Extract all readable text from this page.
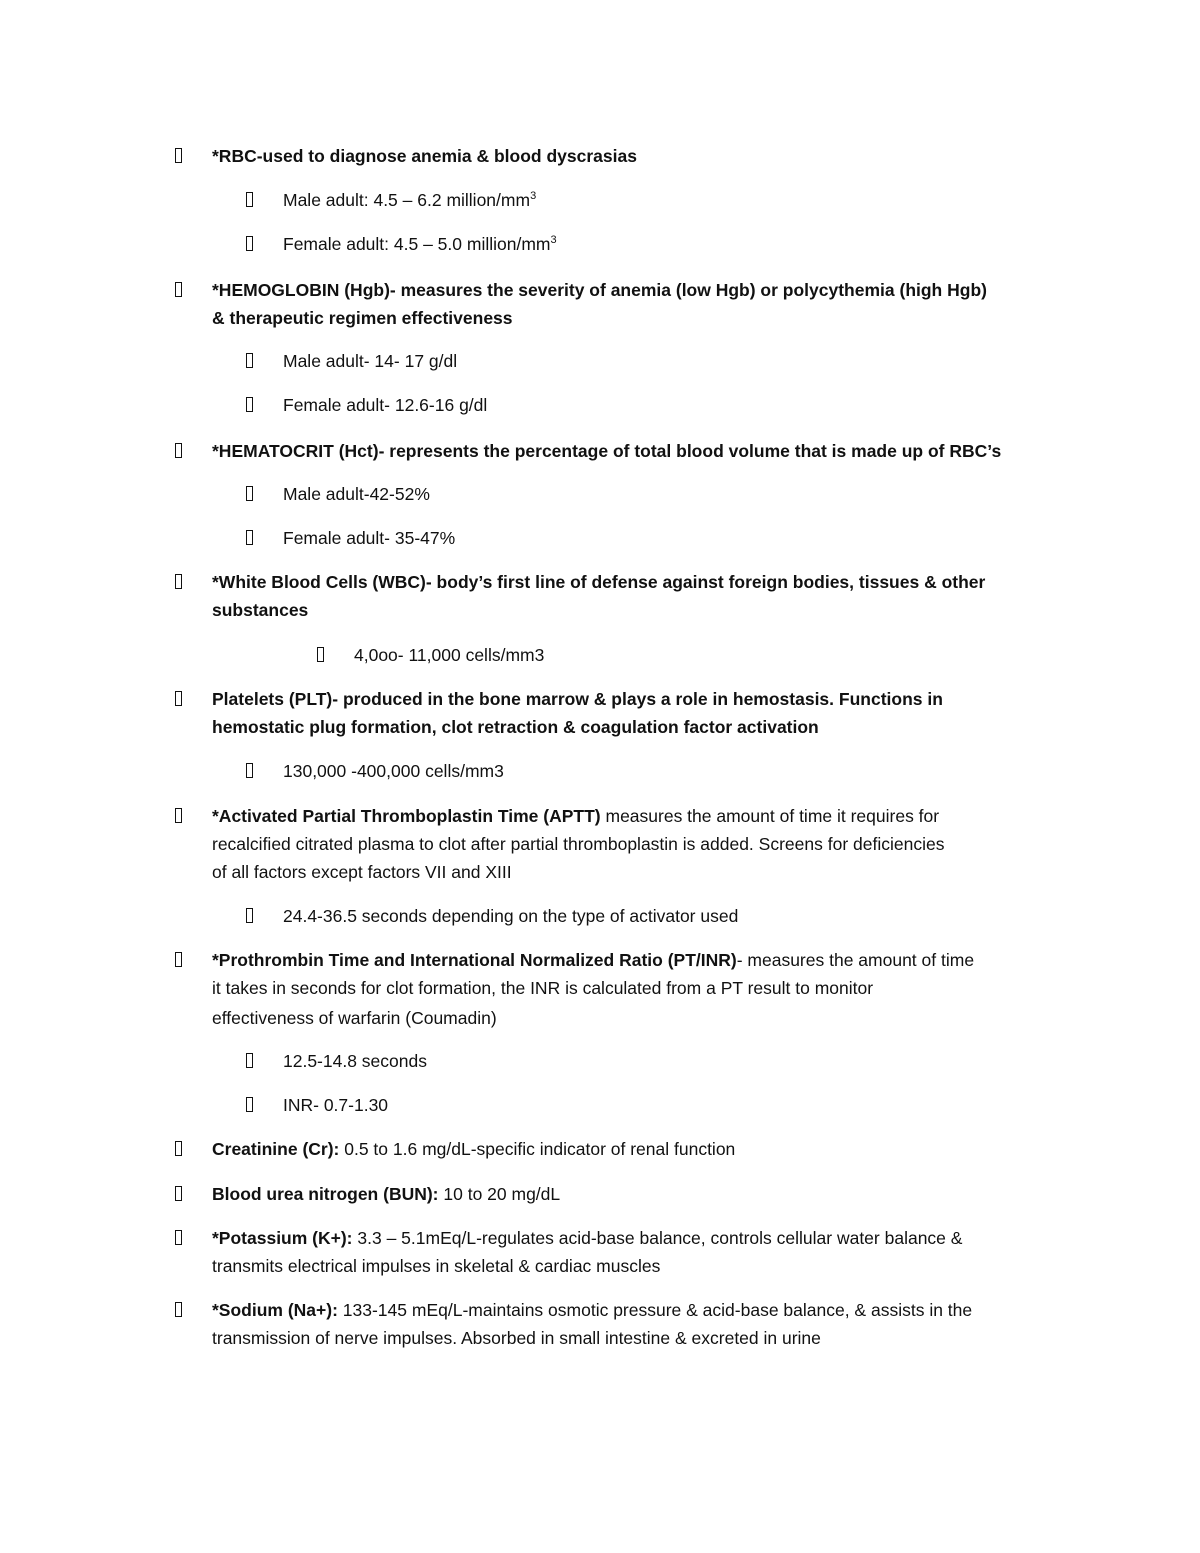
*RBC-used to diagnose anemia & blood dyscrasias
Male adult: 4.5 – 6.2 million/$mm^3$
Female adult: 4.5 – 5.0 million/$mm^3$
*HEMOGLOBIN (Hgb)- measures the severity of anemia (low Hgb) or polycythemia (high Hgb)
& therapeutic regimen effectiveness
Male adult- 14- 17 g/dl
Female adult- 12.6-16 g/dl
*HEMATOCRIT (Hct)- represents the percentage of total blood volume that is made up of RBC’s
Male adult-42-52%
Female adult- 35-47%
*White Blood Cells (WBC)- body’s first line of defense against foreign bodies, tissues & other
substances
4,0oo- 11,000 cells/mm3
Platelets (PLT)- produced in the bone marrow & plays a role in hemostasis. Functions in
hemostatic plug formation, clot retraction & coagulation factor activation
130,000 -400,000 cells/mm3
*Activated Partial Thromboplastin Time (APTT) measures the amount of time it requires for
recalcified citrated plasma to clot after partial thromboplastin is added. Screens for deficiencies
of all factors except factors VII and XIII
24.4-36.5 seconds depending on the type of activator used
*Prothrombin Time and International Normalized Ratio (PT/INR)- measures the amount of time
it takes in seconds for clot formation, the INR is calculated from a PT result to monitor
effectiveness of warfarin (Coumadin)
12.5-14.8 seconds
INR- 0.7-1.30
Creatinine (Cr): 0.5 to 1.6 mg/dL-specific indicator of renal function
Blood urea nitrogen (BUN): 10 to 20 mg/dL
*Potassium (K+): 3.3 – 5.1mEq/L-regulates acid-base balance, controls cellular water balance &
transmits electrical impulses in skeletal & cardiac muscles
*Sodium (Na+): 133-145 mEq/L-maintains osmotic pressure & acid-base balance, & assists in the
transmission of nerve impulses. Absorbed in small intestine & excreted in urine
